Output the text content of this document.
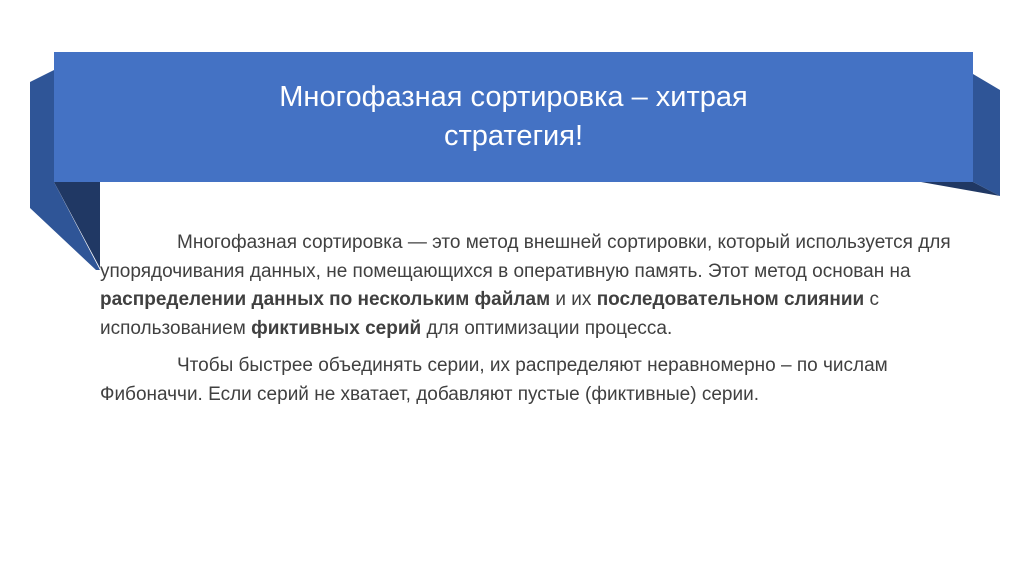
Многофазная сортировка – хитрая
стратегия!

Многофазная сортировка — это метод внешней сортировки, который используется для упорядочивания данных, не помещающихся в оперативную память. Этот метод основан на распределении данных по нескольким файлам и их последовательном слиянии с использованием фиктивных серий для оптимизации процесса.

Чтобы быстрее объединять серии, их распределяют неравномерно – по числам Фибоначчи. Если серий не хватает, добавляют пустые (фиктивные) серии.
